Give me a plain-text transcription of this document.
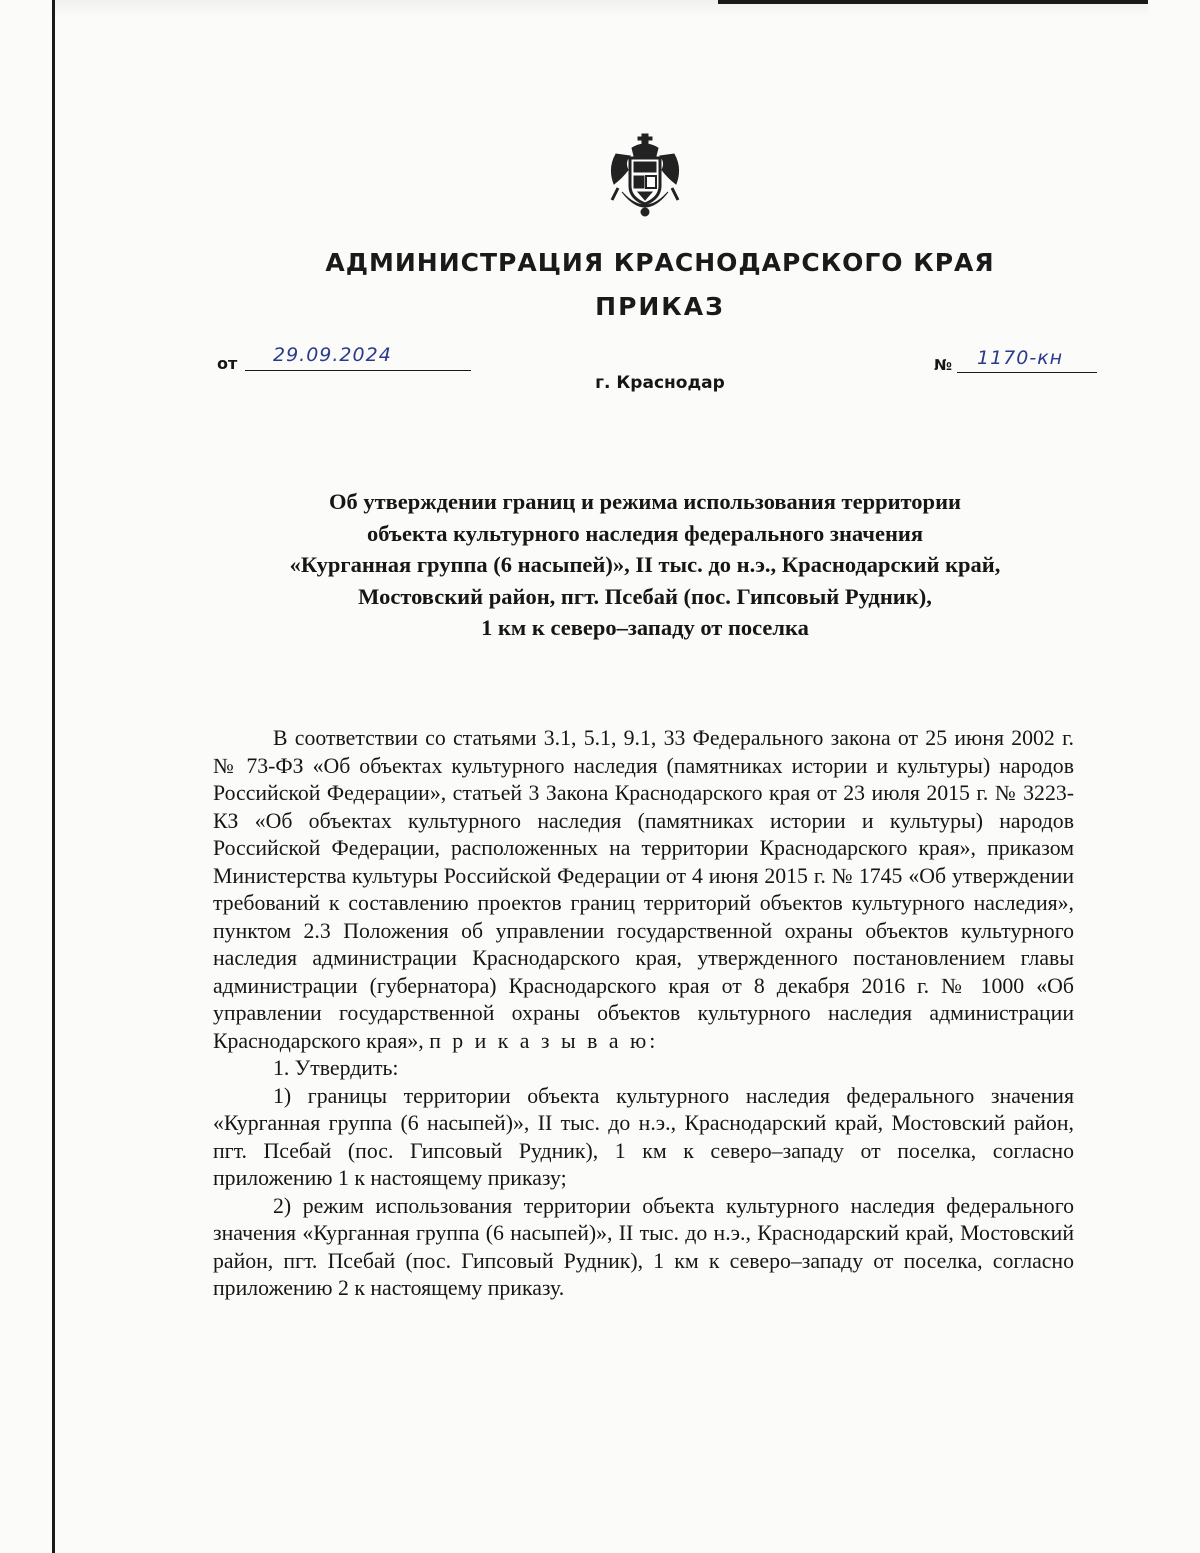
АДМИНИСТРАЦИЯ КРАСНОДАРСКОГО КРАЯ
ПРИКАЗ
от 29.09.2024	№ 1170-кн
г. Краснодар
Об утверждении границ и режима использования территории
объекта культурного наследия федерального значения
«Курганная группа (6 насыпей)», II тыс. до н.э., Краснодарский край,
Мостовский район, пгт. Псебай (пос. Гипсовый Рудник),
1 км к северо–западу от поселка

В соответствии со статьями 3.1, 5.1, 9.1, 33 Федерального закона от 25 июня 2002 г. № 73-ФЗ «Об объектах культурного наследия (памятниках истории и культуры) народов Российской Федерации», статьей 3 Закона Краснодарского края от 23 июля 2015 г. № 3223-КЗ «Об объектах культурного наследия (памятниках истории и культуры) народов Российской Федерации, расположенных на территории Краснодарского края», приказом Министерства культуры Российской Федерации от 4 июня 2015 г. № 1745 «Об утверждении требований к составлению проектов границ территорий объектов культурного наследия», пунктом 2.3 Положения об управлении государственной охраны объектов культурного наследия администрации Краснодарского края, утвержденного постановлением главы администрации (губернатора) Краснодарского края от 8 декабря 2016 г. № 1000 «Об управлении государственной охраны объектов культурного наследия администрации Краснодарского края», п р и к а з ы в а ю:

1. Утвердить:

1) границы территории объекта культурного наследия федерального значения «Курганная группа (6 насыпей)», II тыс. до н.э., Краснодарский край, Мостовский район, пгт. Псебай (пос. Гипсовый Рудник), 1 км к северо–западу от поселка, согласно приложению 1 к настоящему приказу;

2) режим использования территории объекта культурного наследия федерального значения «Курганная группа (6 насыпей)», II тыс. до н.э., Краснодарский край, Мостовский район, пгт. Псебай (пос. Гипсовый Рудник), 1 км к северо–западу от поселка, согласно приложению 2 к настоящему приказу.
